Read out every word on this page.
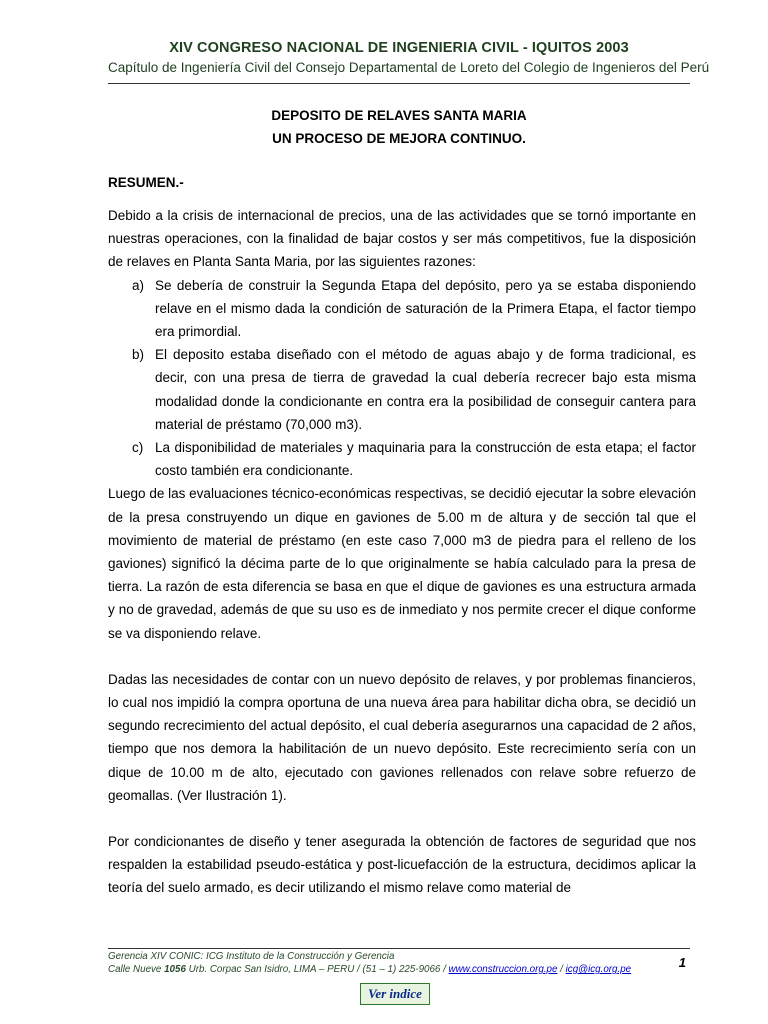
XIV CONGRESO NACIONAL DE INGENIERIA CIVIL - IQUITOS 2003
Capítulo de Ingeniería Civil del Consejo Departamental de Loreto del Colegio de Ingenieros del Perú
DEPOSITO DE RELAVES SANTA MARIA
UN PROCESO DE MEJORA CONTINUO.
RESUMEN.-

Debido a la crisis de internacional de precios, una de las actividades que se tornó importante en nuestras operaciones, con la finalidad de bajar costos y ser más competitivos, fue la disposición de relaves en Planta Santa Maria, por las siguientes razones:

a) Se debería de construir la Segunda Etapa del depósito, pero ya se estaba disponiendo relave en el mismo dada la condición de saturación de la Primera Etapa, el factor tiempo era primordial.
b) El deposito estaba diseñado con el método de aguas abajo y de forma tradicional, es decir, con una presa de tierra de gravedad la cual debería recrecer bajo esta misma modalidad donde la condicionante en contra era la posibilidad de conseguir cantera para material de préstamo (70,000 m3).
c) La disponibilidad de materiales y maquinaria para la construcción de esta etapa; el factor costo también era condicionante.

Luego de las evaluaciones técnico-económicas respectivas, se decidió ejecutar la sobre elevación de la presa construyendo un dique en gaviones de 5.00 m de altura y de sección tal que el movimiento de material de préstamo (en este caso 7,000 m3 de piedra para el relleno de los gaviones) significó la décima parte de lo que originalmente se había calculado para la presa de tierra. La razón de esta diferencia se basa en que el dique de gaviones es una estructura armada y no de gravedad, además de que su uso es de inmediato y nos permite crecer el dique conforme se va disponiendo relave.

Dadas las necesidades de contar con un nuevo depósito de relaves, y por problemas financieros, lo cual nos impidió la compra oportuna de una nueva área para habilitar dicha obra, se decidió un segundo recrecimiento del actual depósito, el cual debería asegurarnos una capacidad de 2 años, tiempo que nos demora la habilitación de un nuevo depósito. Este recrecimiento sería con un dique de 10.00 m de alto, ejecutado con gaviones rellenados con relave sobre refuerzo de geomallas. (Ver Ilustración 1).

Por condicionantes de diseño y tener asegurada la obtención de factores de seguridad que nos respalden la estabilidad pseudo-estática y post-licuefacción de la estructura, decidimos aplicar la teoría del suelo armado, es decir utilizando el mismo relave como material de

Gerencia XIV CONIC: ICG Instituto de la Construcción y Gerencia
Calle Nueve 1056 Urb. Corpac San Isidro, LIMA – PERU / (51 – 1) 225-9066 / www.construccion.org.pe / icg@icg.org.pe	1
Ver indice
